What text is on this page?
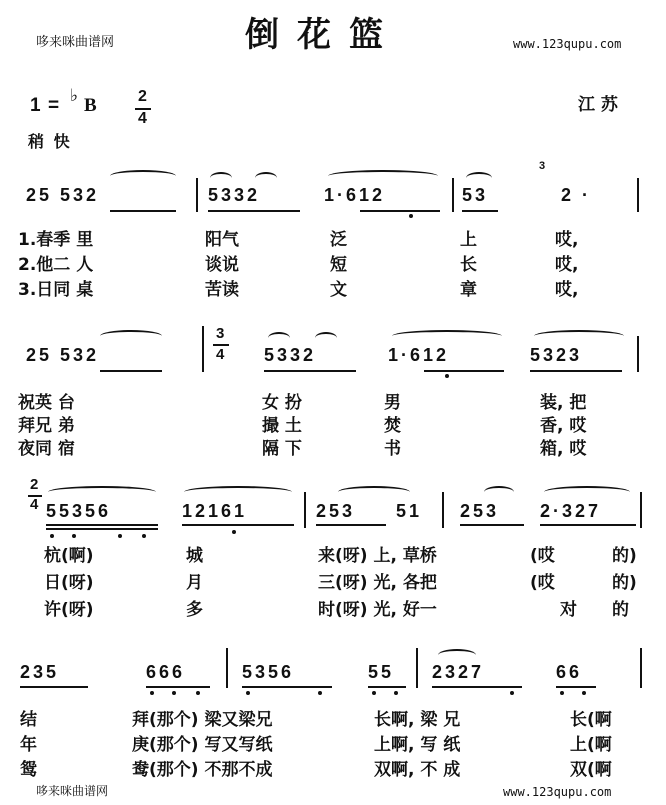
哆来咪曲谱网	倒花篮	www.123qupu.com
1 = ♭ B	2
4
江 苏
稍 快
25 532	5332	1·612	53
3
2 ·
1.春季 里	阳气	泛	上	哎,
2.他二 人	谈说	短	长	哎,
3.日同 桌	苦读	文	章	哎,
25 532
3
4 5332	1·612	5323
祝英 台	女 扮	男	装, 把
拜兄 弟	撮 土	焚	香, 哎
夜同 宿	隔 下	书	箱, 哎
2
4 55356	12161	253 51 253 2·327
杭(啊)	城	来(呀) 上, 草桥	(哎	的)
日(呀)	月	三(呀) 光, 各把	(哎	的)
许(呀)	多	时(呀) 光, 好一	对 的
235	666	5356	55 2327	66
结	拜(那个) 梁又梁兄	长啊, 梁 兄	长(啊
年	庚(那个) 写又写纸	上啊, 写 纸	上(啊
鸳	鸯(那个) 不那不成	双啊, 不 成	双(啊
哆来咪曲谱网	www.123qupu.com
